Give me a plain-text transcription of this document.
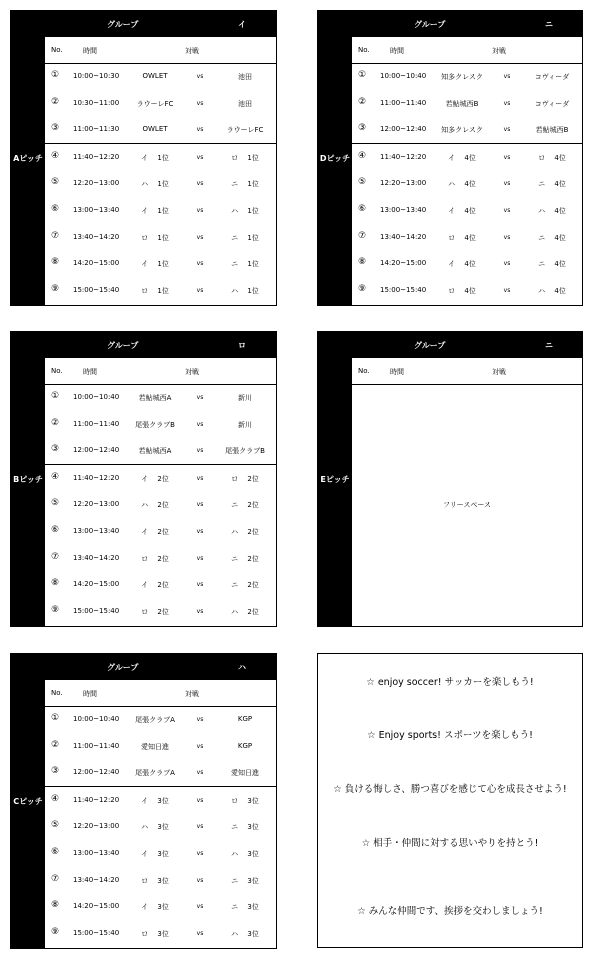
Aピッチ
グループ	イ
No.	時間	対戦
① 10:00~10:30	OWLET	vs	池田
② 10:30~11:00	ラウーレFC	vs	池田
③ 11:00~11:30	OWLET	vs	ラウーレFC
④ 11:40~12:20	イ　 1位	vs	ロ　 1位
⑤ 12:20~13:00	ハ　 1位	vs	ニ　 1位
⑥ 13:00~13:40	イ　 1位	vs	ハ　 1位
⑦ 13:40~14:20	ロ　 1位	vs	ニ　 1位
⑧ 14:20~15:00	イ　 1位	vs	ニ　 1位
⑨ 15:00~15:40	ロ　 1位	vs	ハ　 1位
Dピッチ
グループ	ニ
No.	時間	対戦
① 10:00~10:40	知多クレスク	vs	コヴィーダ
② 11:00~11:40	若鮎城西B	vs	コヴィーダ
③ 12:00~12:40	知多クレスク	vs	若鮎城西B
④ 11:40~12:20	イ　 4位	vs	ロ　 4位
⑤ 12:20~13:00	ハ　 4位	vs	ニ　 4位
⑥ 13:00~13:40	イ　 4位	vs	ハ　 4位
⑦ 13:40~14:20	ロ　 4位	vs	ニ　 4位
⑧ 14:20~15:00	イ　 4位	vs	ニ　 4位
⑨ 15:00~15:40	ロ　 4位	vs	ハ　 4位
Bピッチ
グループ	ロ
No.	時間	対戦
① 10:00~10:40	若鮎城西A	vs	新川
② 11:00~11:40	尾張クラブB	vs	新川
③ 12:00~12:40	若鮎城西A	vs	尾張クラブB
④ 11:40~12:20	イ　 2位	vs	ロ　 2位
⑤ 12:20~13:00	ハ　 2位	vs	ニ　 2位
⑥ 13:00~13:40	イ　 2位	vs	ハ　 2位
⑦ 13:40~14:20	ロ　 2位	vs	ニ　 2位
⑧ 14:20~15:00	イ　 2位	vs	ニ　 2位
⑨ 15:00~15:40	ロ　 2位	vs	ハ　 2位
Eピッチ
グループ	ニ
No.	時間	対戦
フリースペース
Cピッチ
グループ	ハ
No.	時間	対戦
① 10:00~10:40	尾張クラブA	vs	KGP
② 11:00~11:40	愛知日進	vs	KGP
③ 12:00~12:40	尾張クラブA	vs	愛知日進
④ 11:40~12:20	イ　 3位	vs	ロ　 3位
⑤ 12:20~13:00	ハ　 3位	vs	ニ　 3位
⑥ 13:00~13:40	イ　 3位	vs	ハ　 3位
⑦ 13:40~14:20	ロ　 3位	vs	ニ　 3位
⑧ 14:20~15:00	イ　 3位	vs	ニ　 3位
⑨ 15:00~15:40	ロ　 3位	vs	ハ　 3位
☆ enjoy soccer! サッカーを楽しもう!
☆ Enjoy sports! スポーツを楽しもう!
☆ 負ける悔しさ、勝つ喜びを感じて心を成長させよう!
☆ 相手・仲間に対する思いやりを持とう!
☆ みんな仲間です、挨拶を交わしましょう!
